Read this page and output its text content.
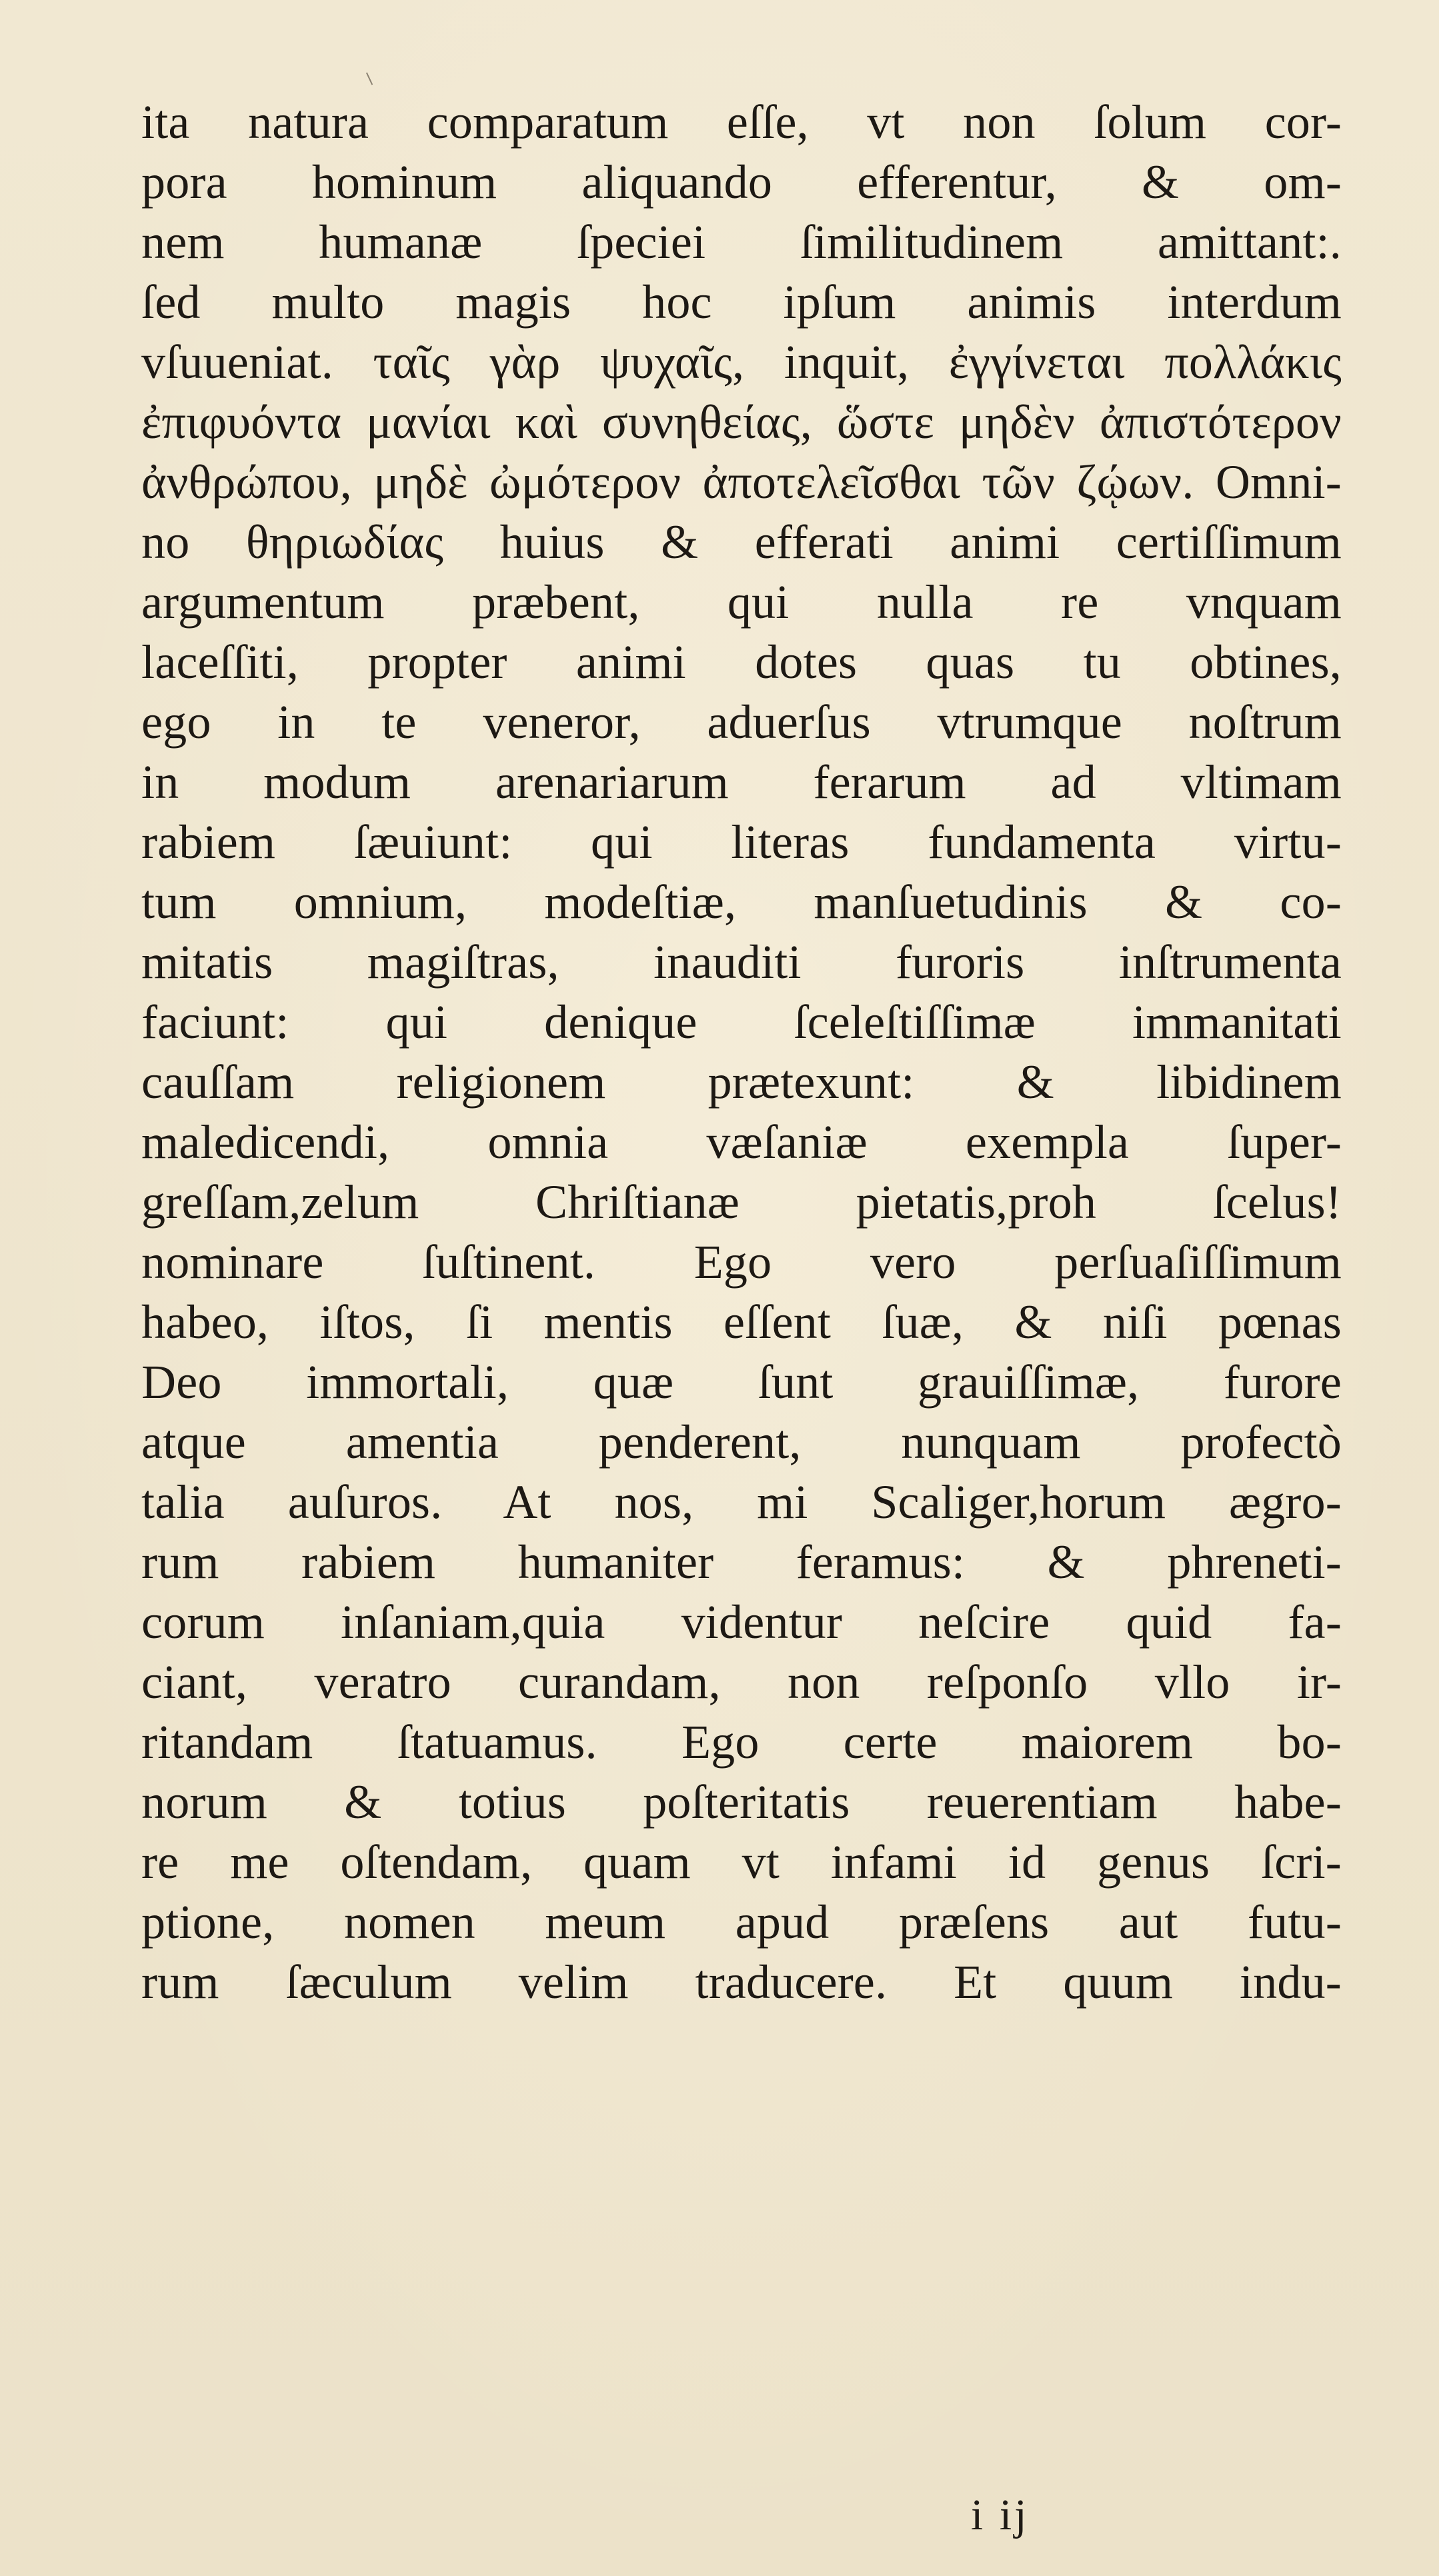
ita natura comparatum eſſe, vt non ſolum cor-
pora hominum aliquando efferentur, & om-
nem humanæ ſpeciei ſimilitudinem amittant:.
ſed multo magis hoc ipſum animis interdum
vſuueniat. ταῖς γὰρ ψυχαῖς, inquit, ἐγγίνεται πολλάκις
ἐπιφυόντα μανίαι καὶ συνηθείας, ὥστε μηδὲν ἀπιστότερον
ἀνθρώπου, μηδὲ ὠμότερον ἀποτελεῖσθαι τῶν ζῴων. Omni-
no θηριωδίας huius & efferati animi certiſſimum
argumentum præbent, qui nulla re vnquam
laceſſiti, propter animi dotes quas tu obtines,
ego in te veneror, aduerſus vtrumque noſtrum
in modum arenariarum ferarum ad vltimam
rabiem ſæuiunt: qui literas fundamenta virtu-
tum omnium, modeſtiæ, manſuetudinis & co-
mitatis magiſtras, inauditi furoris inſtrumenta
faciunt: qui denique ſceleſtiſſimæ immanitati
cauſſam religionem prætexunt: & libidinem
maledicendi, omnia væſaniæ exempla ſuper-
greſſam,zelum Chriſtianæ pietatis,proh ſcelus!
nominare ſuſtinent. Ego vero perſuaſiſſimum
habeo, iſtos, ſi mentis eſſent ſuæ, & niſi pœnas
Deo immortali, quæ ſunt grauiſſimæ, furore
atque amentia penderent, nunquam profectò
talia auſuros. At nos, mi Scaliger,horum ægro-
rum rabiem humaniter feramus: & phreneti-
corum inſaniam,quia videntur neſcire quid fa-
ciant, veratro curandam, non reſponſo vllo ir-
ritandam ſtatuamus. Ego certe maiorem bo-
norum & totius poſteritatis reuerentiam habe-
re me oſtendam, quam vt infami id genus ſcri-
ptione, nomen meum apud præſens aut futu-
rum ſæculum velim traducere. Et quum indu-
i ij
